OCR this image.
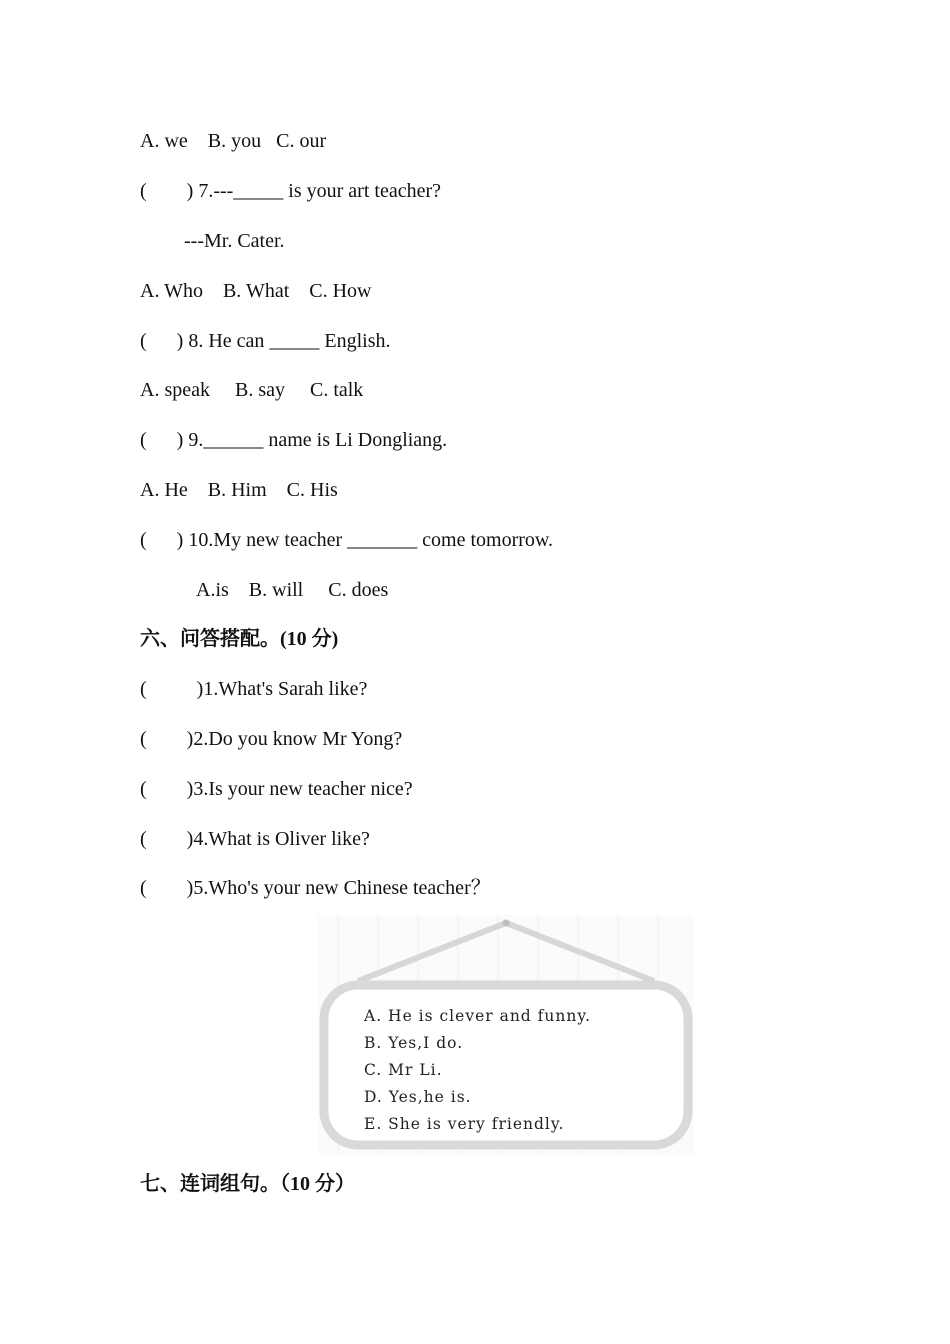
A. we    B. you   C. our
(        ) 7.---_____ is your art teacher?
---Mr. Cater.
A. Who    B. What    C. How
(      ) 8. He can _____ English.
A. speak     B. say     C. talk
(      ) 9.______ name is Li Dongliang.
A. He    B. Him    C. His
(      ) 10.My new teacher _______ come tomorrow.
A.is    B. will     C. does
六、问答搭配。(10 分)
(          )1.What's Sarah like?
(        )2.Do you know Mr Yong?
(        )3.Is your new teacher nice?
(        )4.What is Oliver like?
(        )5.Who's your new Chinese teacher？
A. He is clever and funny.
B. Yes,I do.
C. Mr Li.
D. Yes,he is.
E. She is very friendly.
七、连词组句。（10 分）
